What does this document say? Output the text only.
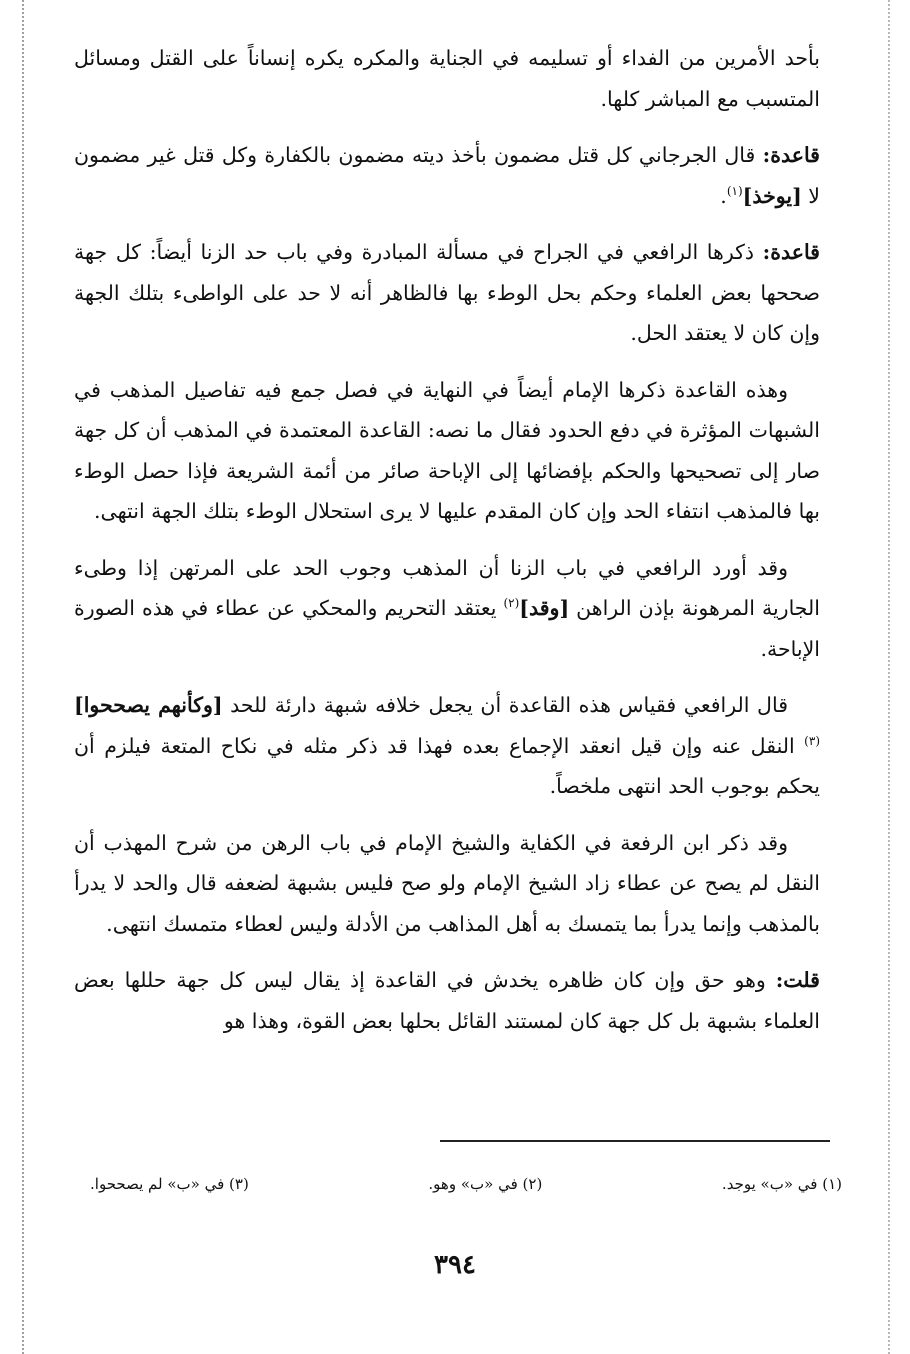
بأحد الأمرين من الفداء أو تسليمه في الجناية والمكره يكره إنساناً على القتل ومسائل المتسبب مع المباشر كلها.

قاعدة: قال الجرجاني كل قتل مضمون بأخذ ديته مضمون بالكفارة وكل قتل غير مضمون لا [يوخذ]$^{(١)}$.

قاعدة: ذكرها الرافعي في الجراح في مسألة المبادرة وفي باب حد الزنا أيضاً: كل جهة صححها بعض العلماء وحكم بحل الوطء بها فالظاهر أنه لا حد على الواطىء بتلك الجهة وإن كان لا يعتقد الحل.

وهذه القاعدة ذكرها الإمام أيضاً في النهاية في فصل جمع فيه تفاصيل المذهب في الشبهات المؤثرة في دفع الحدود فقال ما نصه: القاعدة المعتمدة في المذهب أن كل جهة صار إلى تصحيحها والحكم بإفضائها إلى الإباحة صائر من أئمة الشريعة فإذا حصل الوطء بها فالمذهب انتفاء الحد وإن كان المقدم عليها لا يرى استحلال الوطء بتلك الجهة انتهى.

وقد أورد الرافعي في باب الزنا أن المذهب وجوب الحد على المرتهن إذا وطىء الجارية المرهونة بإذن الراهن [وقد]$^{(٢)}$ يعتقد التحريم والمحكي عن عطاء في هذه الصورة الإباحة.

قال الرافعي فقياس هذه القاعدة أن يجعل خلافه شبهة دارئة للحد [وكأنهم يصححوا]$^{(٣)}$ النقل عنه وإن قيل انعقد الإجماع بعده فهذا قد ذكر مثله في نكاح المتعة فيلزم أن يحكم بوجوب الحد انتهى ملخصاً.

وقد ذكر ابن الرفعة في الكفاية والشيخ الإمام في باب الرهن من شرح المهذب أن النقل لم يصح عن عطاء زاد الشيخ الإمام ولو صح فليس بشبهة لضعفه قال والحد لا يدرأ بالمذهب وإنما يدرأ بما يتمسك به أهل المذاهب من الأدلة وليس لعطاء متمسك انتهى.

قلت: وهو حق وإن كان ظاهره يخدش في القاعدة إذ يقال ليس كل جهة حللها بعض العلماء بشبهة بل كل جهة كان لمستند القائل بحلها بعض القوة، وهذا هو

(١) في «ب» يوجد.
(٢) في «ب» وهو.
(٣) في «ب» لم يصححوا.
٣٩٤
